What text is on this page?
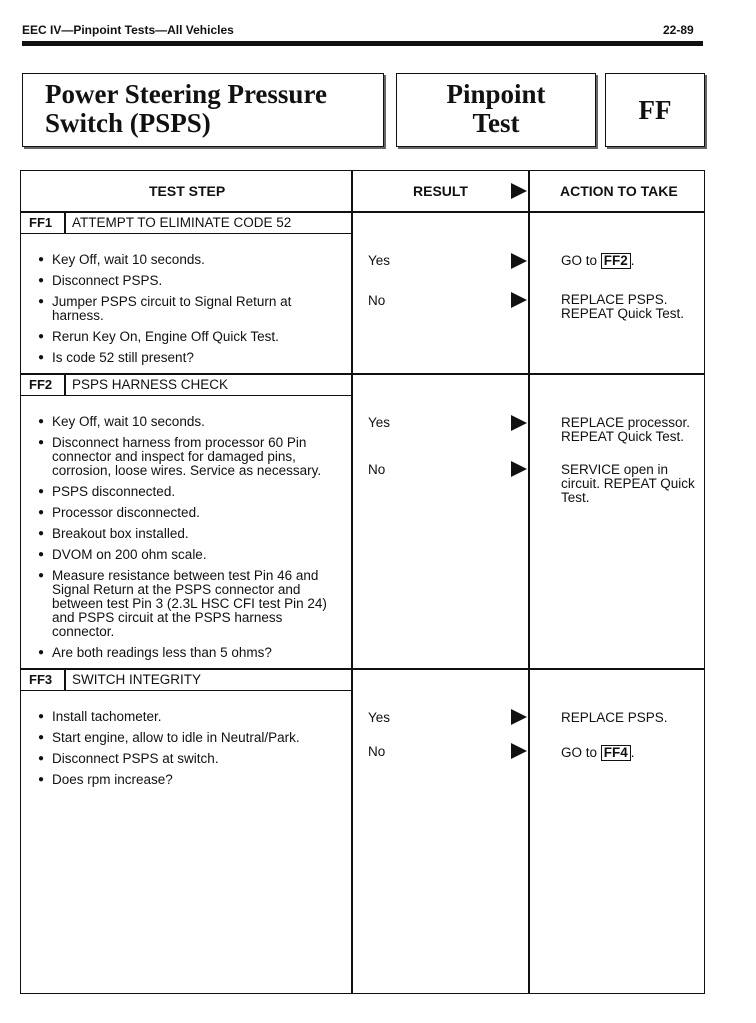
EEC IV—Pinpoint Tests—All Vehicles	22-89
Power Steering Pressure
Switch (PSPS)
Pinpoint
Test	FF
TEST STEP	RESULT	ACTION TO TAKE
FF1 ATTEMPT TO ELIMINATE CODE 52
● Key Off, wait 10 seconds.
● Disconnect PSPS.
● Jumper PSPS circuit to Signal Return at harness.
● Rerun Key On, Engine Off Quick Test.
● Is code 52 still present?
Yes	GO to FF2 .
No	REPLACE PSPS. REPEAT Quick Test.
FF2 PSPS HARNESS CHECK
● Key Off, wait 10 seconds.
● Disconnect harness from processor 60 Pin connector and inspect for damaged pins, corrosion, loose wires. Service as necessary.
● PSPS disconnected.
● Processor disconnected.
● Breakout box installed.
● DVOM on 200 ohm scale.
● Measure resistance between test Pin 46 and Signal Return at the PSPS connector and between test Pin 3 (2.3L HSC CFI test Pin 24) and PSPS circuit at the PSPS harness connector.
● Are both readings less than 5 ohms?
Yes	REPLACE processor. REPEAT Quick Test.
No	SERVICE open in circuit. REPEAT Quick Test.
FF3 SWITCH INTEGRITY
● Install tachometer.
● Start engine, allow to idle in Neutral/Park.
● Disconnect PSPS at switch.
● Does rpm increase?
Yes	REPLACE PSPS.
No	GO to FF4 .
